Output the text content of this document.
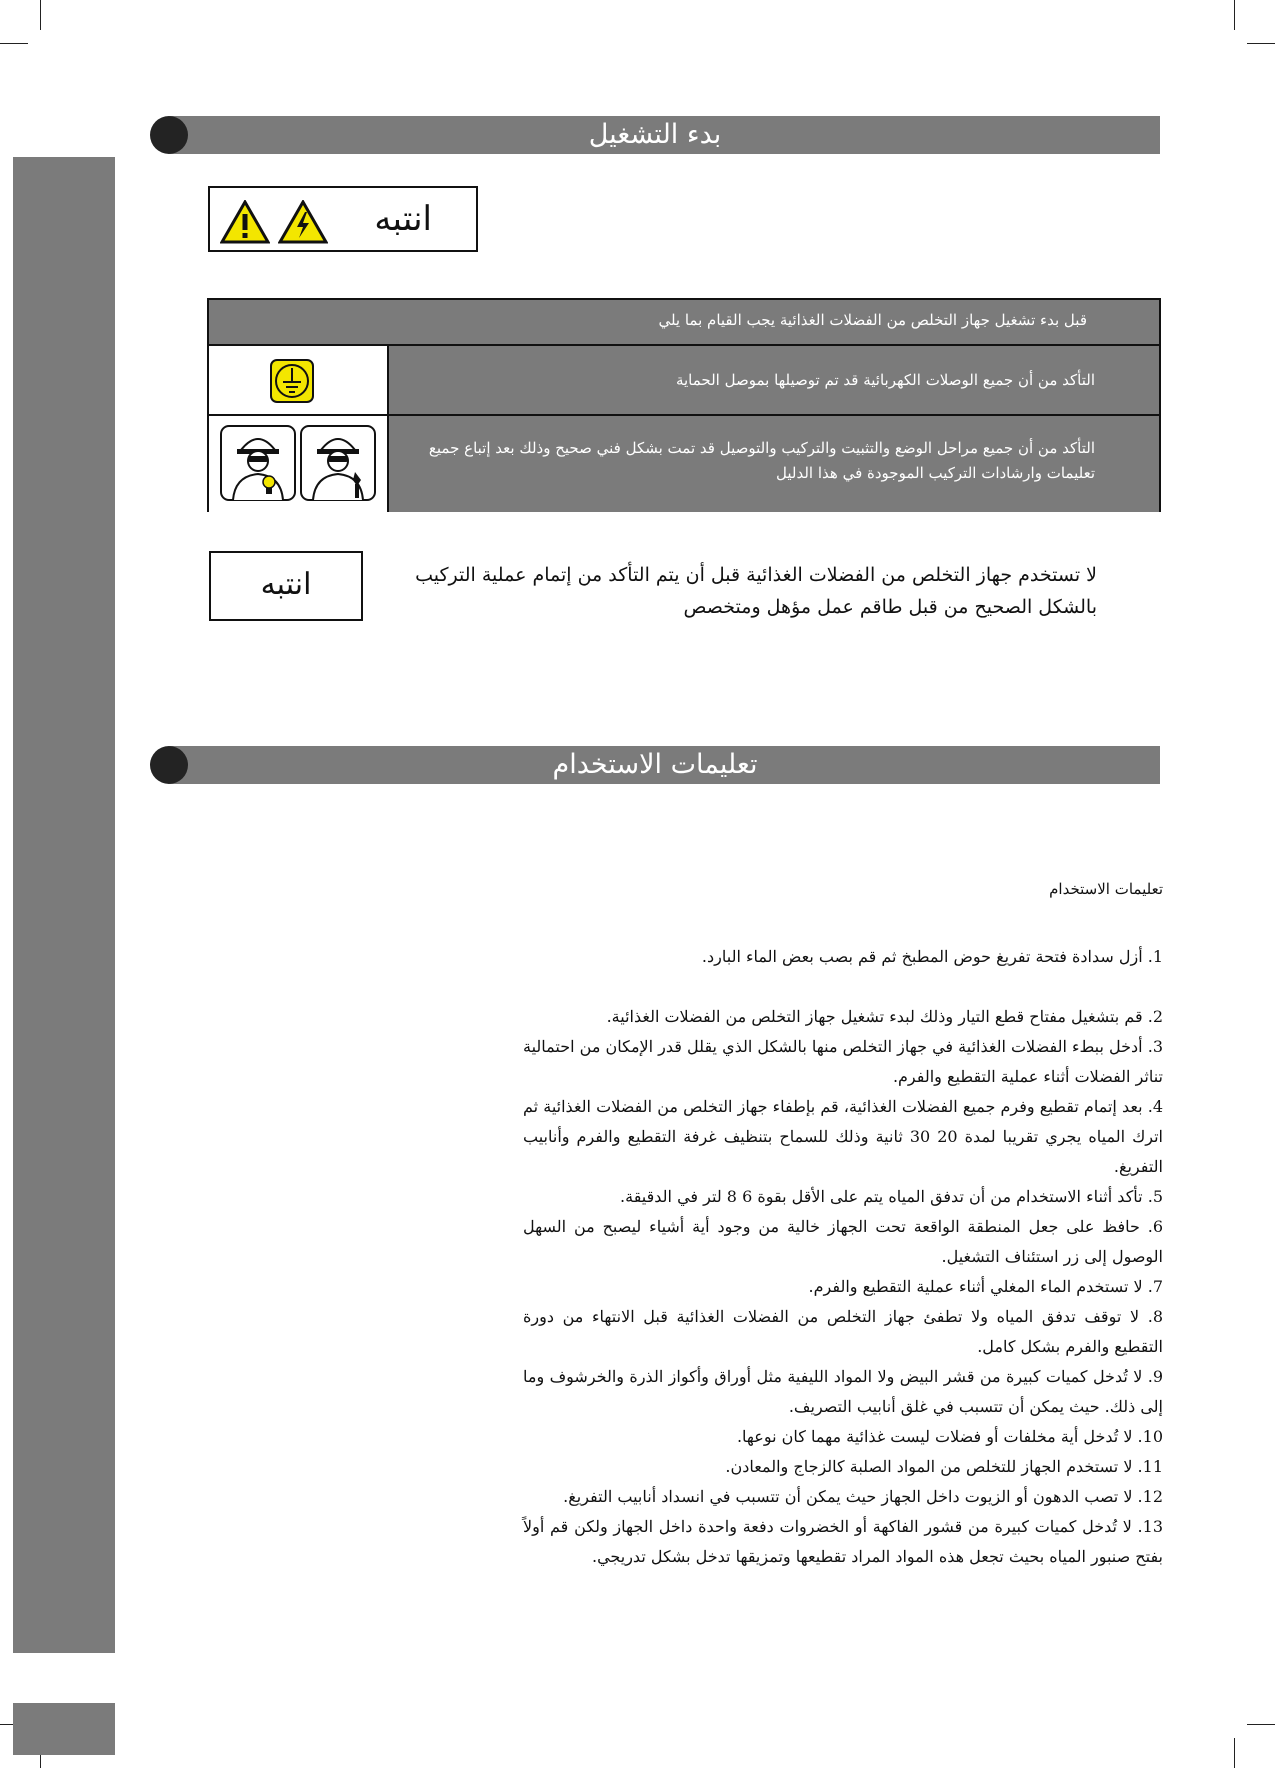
بدء التشغيل
انتبه
قبل بدء تشغيل جهاز التخلص من الفضلات الغذائية يجب القيام بما يلي
التأكد من أن جميع الوصلات الكهربائية قد تم توصيلها بموصل الحماية
التأكد من أن جميع مراحل الوضع والتثبيت والتركيب والتوصيل قد تمت بشكل فني صحيح وذلك بعد إتباع جميع
تعليمات وارشادات التركيب الموجودة في هذا الدليل
انتبه	لا تستخدم جهاز التخلص من الفضلات الغذائية قبل أن يتم التأكد من إتمام عملية التركيب بالشكل الصحيح من قبل طاقم عمل مؤهل ومتخصص
تعليمات الاستخدام
تعليمات الاستخدام

1. أزل سدادة فتحة تفريغ حوض المطبخ ثم قم بصب بعض الماء البارد.

2. قم بتشغيل مفتاح قطع التيار وذلك لبدء تشغيل جهاز التخلص من الفضلات الغذائية.

3. أدخل ببطء الفضلات الغذائية في جهاز التخلص منها بالشكل الذي يقلل قدر الإمكان من احتمالية تناثر الفضلات أثناء عملية التقطيع والفرم.

4. بعد إتمام تقطيع وفرم جميع الفضلات الغذائية، قم بإطفاء جهاز التخلص من الفضلات الغذائية ثم اترك المياه يجري تقريبا لمدة 20 30 ثانية وذلك للسماح بتنظيف غرفة التقطيع والفرم وأنابيب التفريغ.

5. تأكد أثناء الاستخدام من أن تدفق المياه يتم على الأقل بقوة 6 8 لتر في الدقيقة.

6. حافظ على جعل المنطقة الواقعة تحت الجهاز خالية من وجود أية أشياء ليصبح من السهل الوصول إلى زر استئناف التشغيل.

7. لا تستخدم الماء المغلي أثناء عملية التقطيع والفرم.

8. لا توقف تدفق المياه ولا تطفئ جهاز التخلص من الفضلات الغذائية قبل الانتهاء من دورة التقطيع والفرم بشكل كامل.

9. لا تُدخل كميات كبيرة من قشر البيض ولا المواد الليفية مثل أوراق وأكواز الذرة والخرشوف وما إلى ذلك. حيث يمكن أن تتسبب في غلق أنابيب التصريف.

10. لا تُدخل أية مخلفات أو فضلات ليست غذائية مهما كان نوعها.

11. لا تستخدم الجهاز للتخلص من المواد الصلبة كالزجاج والمعادن.

12. لا تصب الدهون أو الزيوت داخل الجهاز حيث يمكن أن تتسبب في انسداد أنابيب التفريغ.

13. لا تُدخل كميات كبيرة من قشور الفاكهة أو الخضروات دفعة واحدة داخل الجهاز ولكن قم أولاً بفتح صنبور المياه بحيث تجعل هذه المواد المراد تقطيعها وتمزيقها تدخل بشكل تدريجي.
